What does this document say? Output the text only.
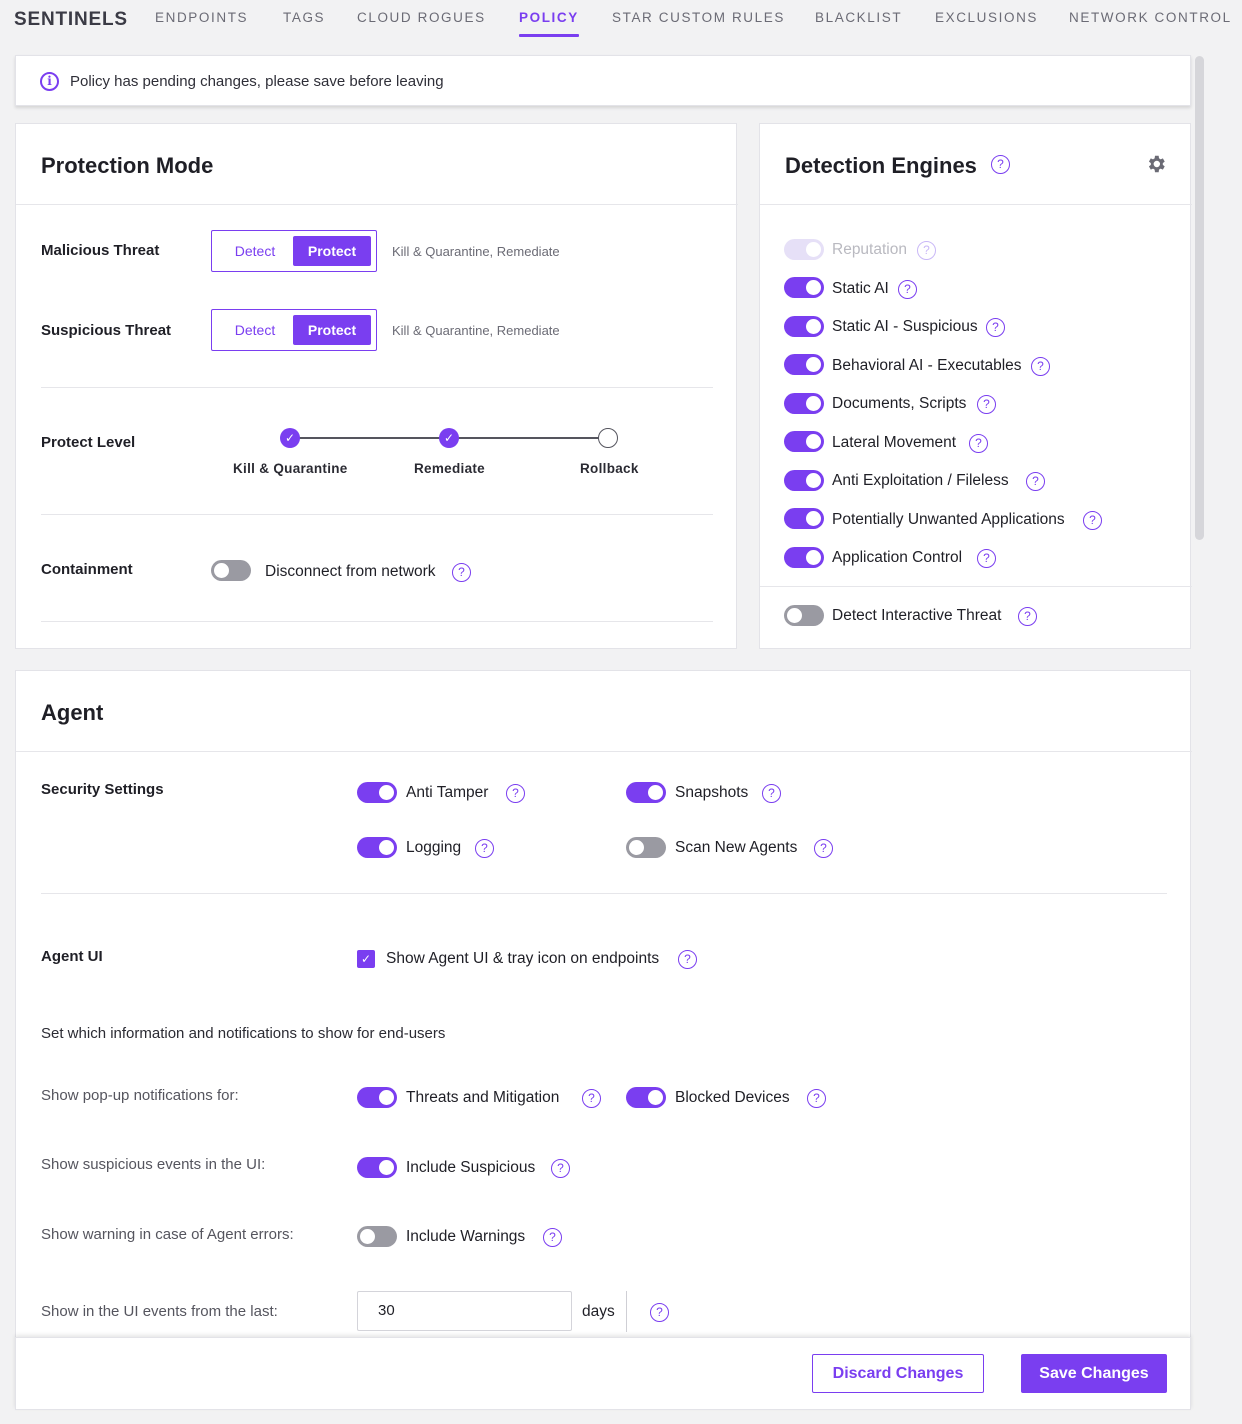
SENTINELS ENDPOINTS	TAGS CLOUD ROGUES POLICY STAR CUSTOM RULES BLACKLIST EXCLUSIONS NETWORK CONTROL
i	Policy has pending changes, please save before leaving
Protection Mode
Malicious Threat	Detect	Protect	Kill & Quarantine, Remediate
Suspicious Threat	Detect	Protect	Kill & Quarantine, Remediate
Protect Level	✓	✓
Kill & Quarantine	Remediate	Rollback
Containment	Disconnect from network	?
Detection Engines	?
Reputation	?
Static AI	?
Static AI - Suspicious	?
Behavioral AI - Executables	?
Documents, Scripts	?
Lateral Movement	?
Anti Exploitation / Fileless	?
Potentially Unwanted Applications	?
Application Control	?
Detect Interactive Threat	?
Agent
Security Settings	Anti Tamper	?	Snapshots	?
Logging	?	Scan New Agents	?
Agent UI	✓ Show Agent UI & tray icon on endpoints	?
Set which information and notifications to show for end-users
Show pop-up notifications for:	Threats and Mitigation	?	Blocked Devices	?
Show suspicious events in the UI:	Include Suspicious	?
Show warning in case of Agent errors:	Include Warnings	?
Show in the UI events from the last:	30	days	?
Discard Changes	Save Changes
